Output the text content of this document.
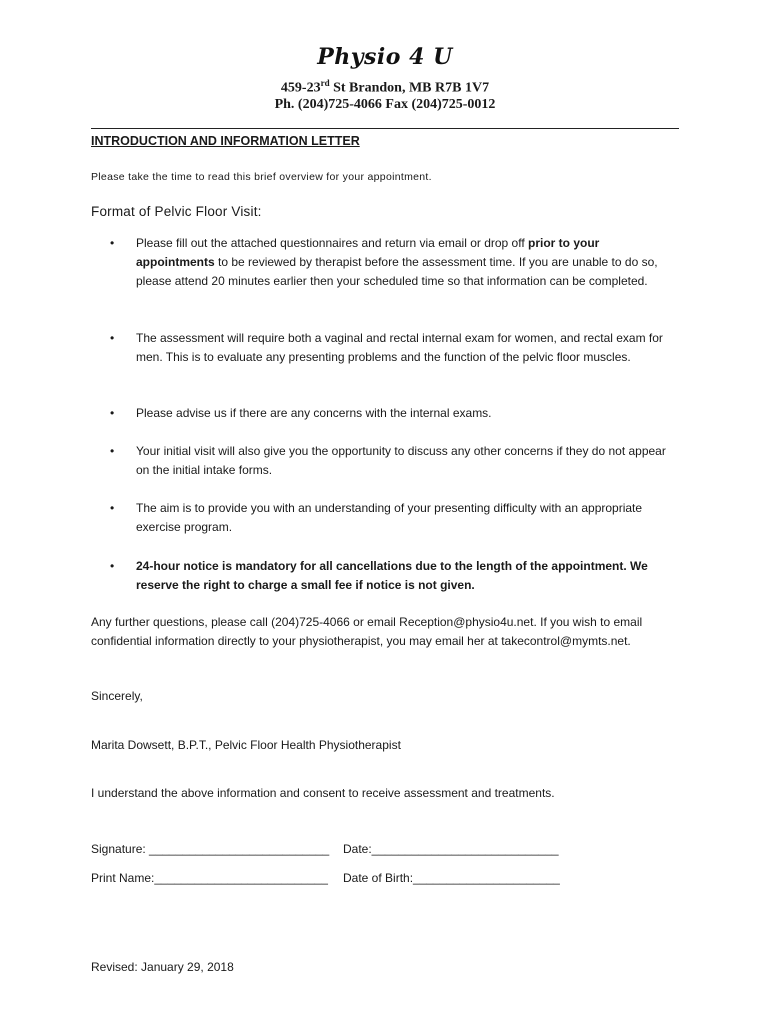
Physio 4 U
459-23rd St Brandon, MB R7B 1V7
Ph. (204)725-4066 Fax (204)725-0012
INTRODUCTION AND INFORMATION LETTER
Please take the time to read this brief overview for your appointment.
Format of Pelvic Floor Visit:
•	Please fill out the attached questionnaires and return via email or drop off prior to your appointments to be reviewed by therapist before the assessment time. If you are unable to do so, please attend 20 minutes earlier then your scheduled time so that information can be completed.
•	The assessment will require both a vaginal and rectal internal exam for women, and rectal exam for men. This is to evaluate any presenting problems and the function of the pelvic floor muscles.
•	Please advise us if there are any concerns with the internal exams.
•	Your initial visit will also give you the opportunity to discuss any other concerns if they do not appear on the initial intake forms.
•	The aim is to provide you with an understanding of your presenting difficulty with an appropriate exercise program.
•	24-hour notice is mandatory for all cancellations due to the length of the appointment. We reserve the right to charge a small fee if notice is not given.
Any further questions, please call (204)725-4066 or email Reception@physio4u.net. If you wish to email confidential information directly to your physiotherapist, you may email her at takecontrol@mymts.net.
Sincerely,
Marita Dowsett, B.P.T., Pelvic Floor Health Physiotherapist
I understand the above information and consent to receive assessment and treatments.
Signature: ___________________________ Date:____________________________
Print Name:__________________________ Date of Birth:______________________
Revised: January 29, 2018
